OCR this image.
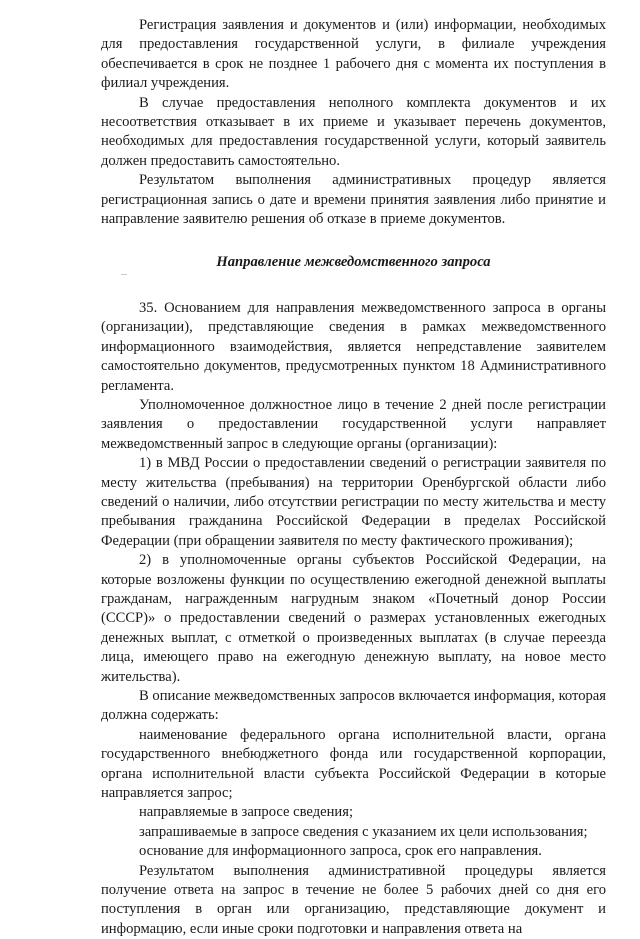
Регистрация заявления и документов и (или) информации, необходимых для предоставления государственной услуги, в филиале учреждения обеспечивается в срок не позднее 1 рабочего дня с момента их поступления в филиал учреждения.

В случае предоставления неполного комплекта документов и их несоответствия отказывает в их приеме и указывает перечень документов, необходимых для предоставления государственной услуги, который заявитель должен предоставить самостоятельно.

Результатом выполнения административных процедур является регистрационная запись о дате и времени принятия заявления либо принятие и направление заявителю решения об отказе в приеме документов.

Направление межведомственного запроса

35. Основанием для направления межведомственного запроса в органы (организации), представляющие сведения в рамках межведомственного информационного взаимодействия, является непредставление заявителем самостоятельно документов, предусмотренных пунктом 18 Административного регламента.

Уполномоченное должностное лицо в течение 2 дней после регистрации заявления о предоставлении государственной услуги направляет межведомственный запрос в следующие органы (организации):

1) в МВД России о предоставлении сведений о регистрации заявителя по месту жительства (пребывания) на территории Оренбургской области либо сведений о наличии, либо отсутствии регистрации по месту жительства и месту пребывания гражданина Российской Федерации в пределах Российской Федерации (при обращении заявителя по месту фактического проживания);

2) в уполномоченные органы субъектов Российской Федерации, на которые возложены функции по осуществлению ежегодной денежной выплаты гражданам, награжденным нагрудным знаком «Почетный донор России (СССР)» о предоставлении сведений о размерах установленных ежегодных денежных выплат, с отметкой о произведенных выплатах (в случае переезда лица, имеющего право на ежегодную денежную выплату, на новое место жительства).

В описание межведомственных запросов включается информация, которая должна содержать:

наименование федерального органа исполнительной власти, органа государственного внебюджетного фонда или государственной корпорации, органа исполнительной власти субъекта Российской Федерации в которые направляется запрос;

направляемые в запросе сведения;

запрашиваемые в запросе сведения с указанием их цели использования;

основание для информационного запроса, срок его направления.

Результатом выполнения административной процедуры является получение ответа на запрос в течение не более 5 рабочих дней со дня его поступления в орган или организацию, представляющие документ и информацию, если иные сроки подготовки и направления ответа на
